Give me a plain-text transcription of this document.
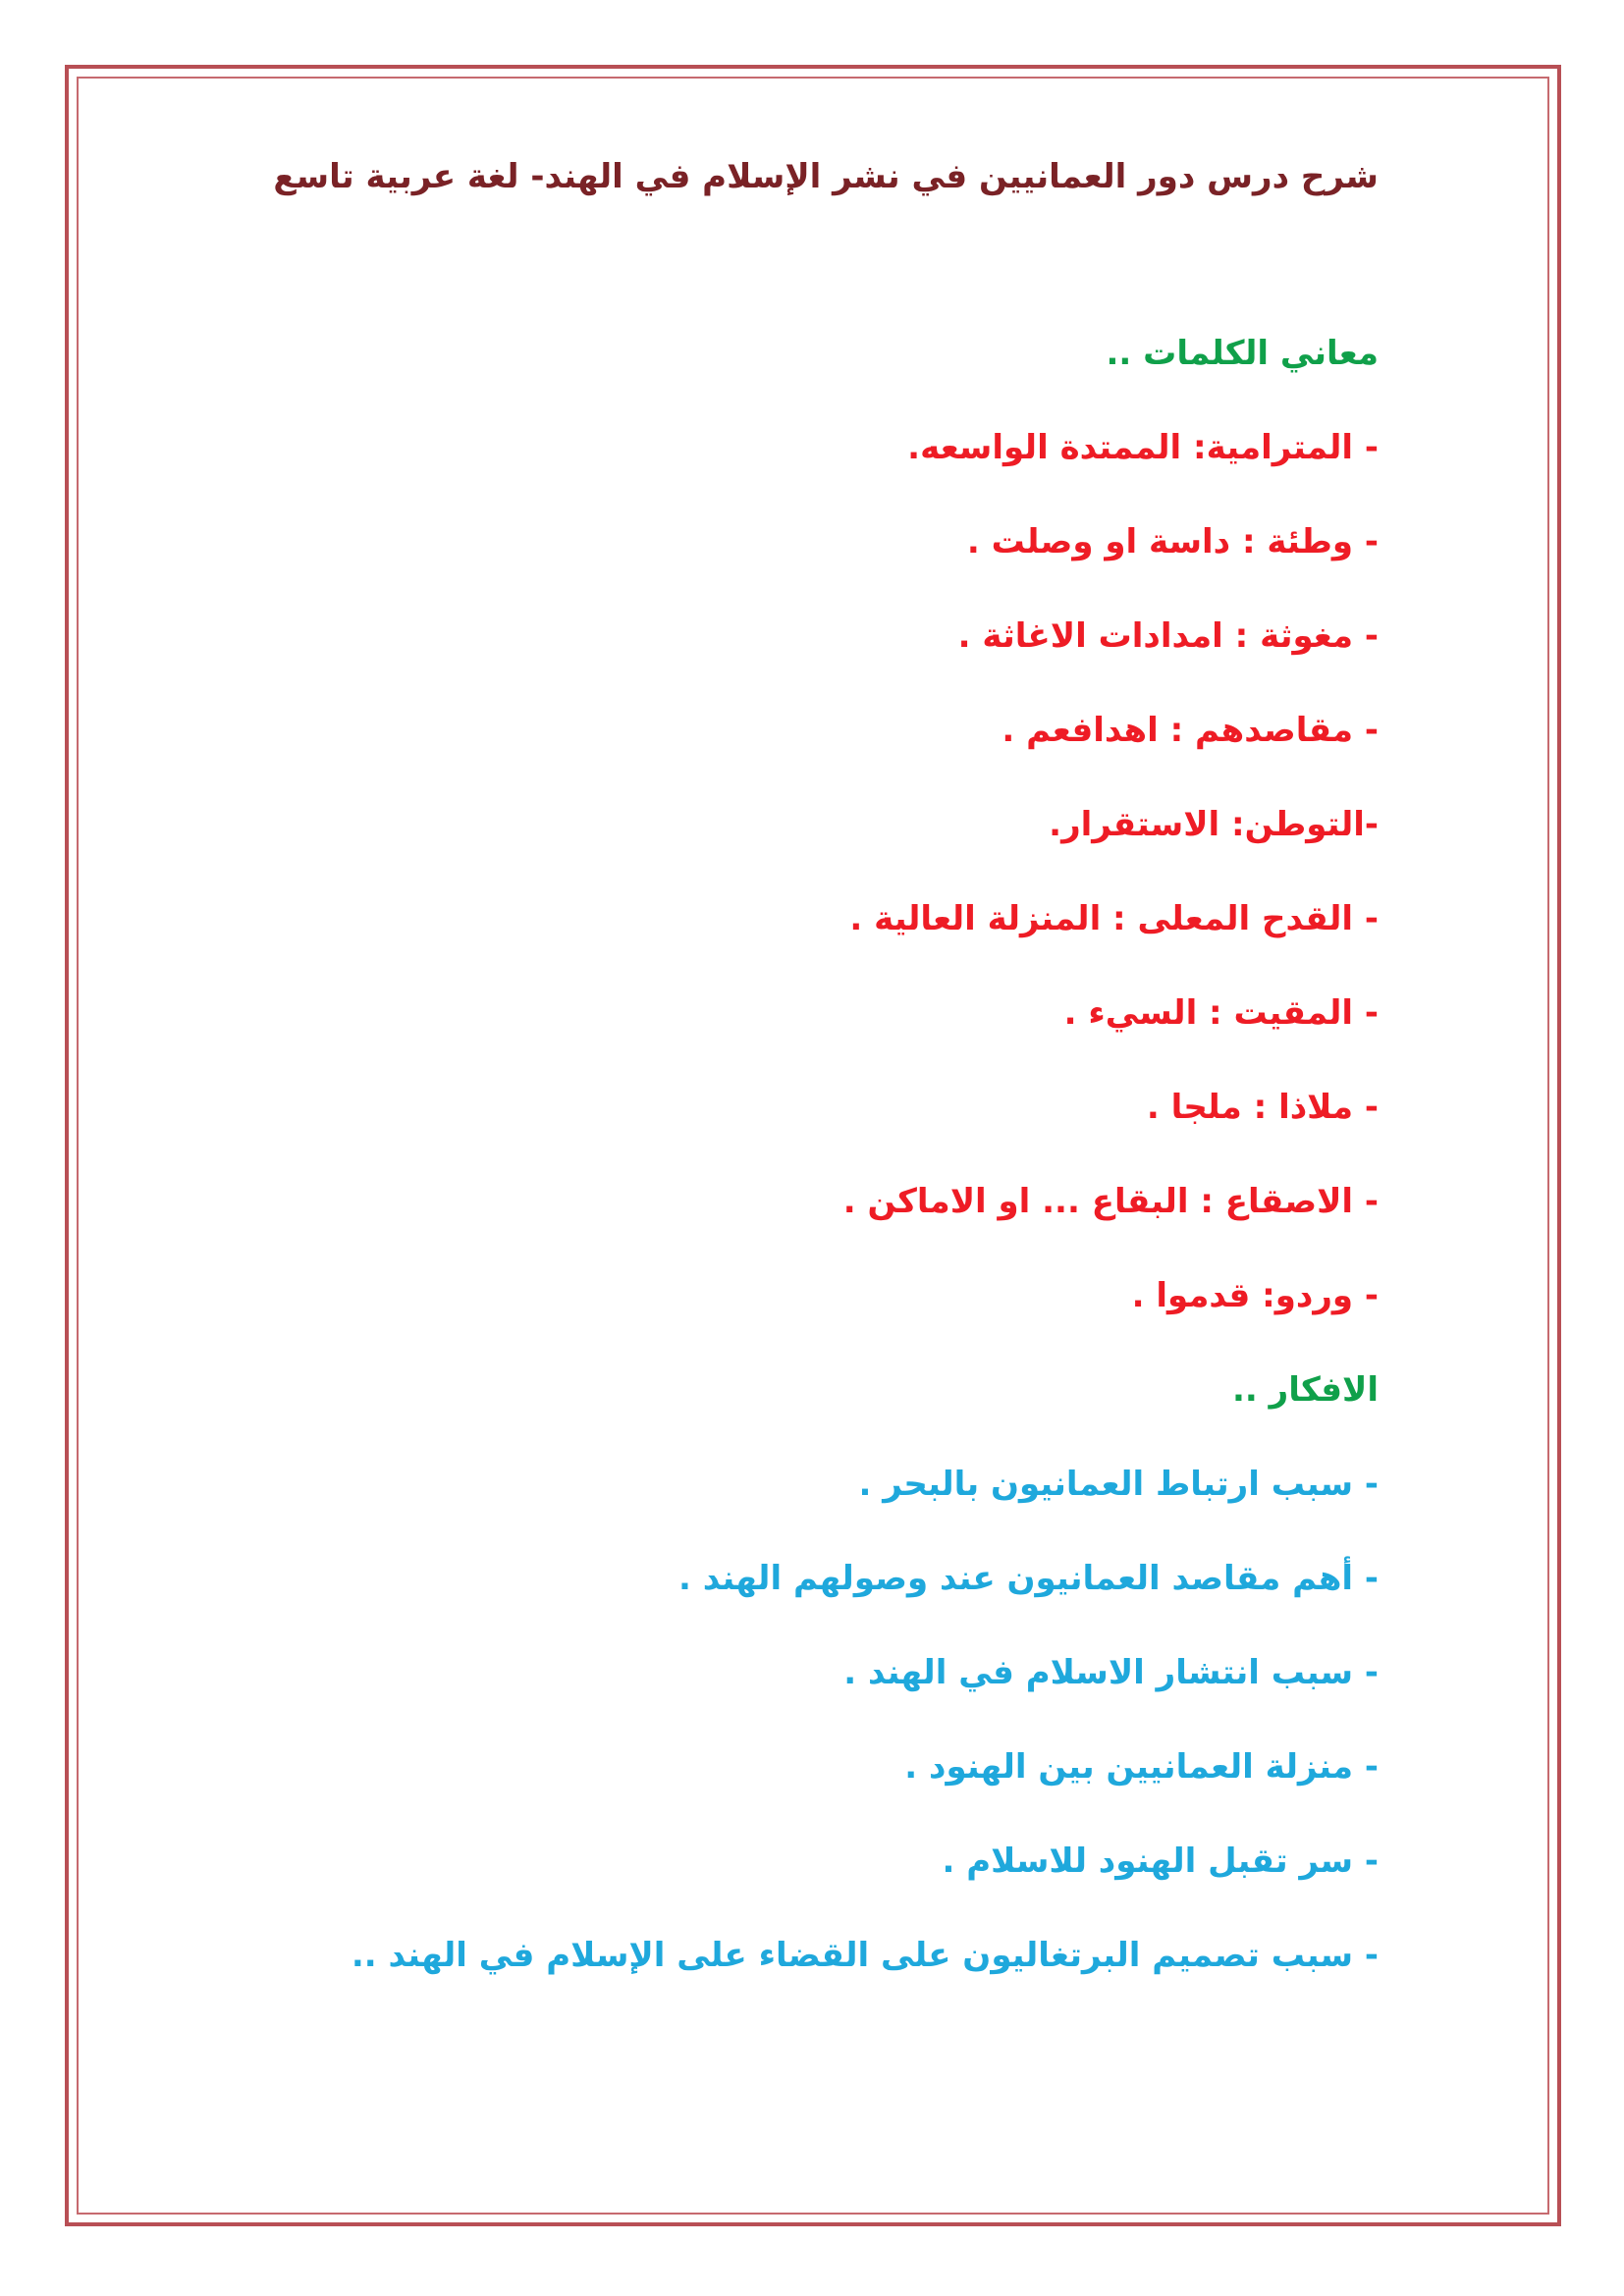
شرح درس دور العمانيين في نشر الإسلام في الهند- لغة عربية تاسع
معاني الكلمات ..
- المترامية: الممتدة الواسعه.
- وطئة : داسة او وصلت .
- مغوثة : امدادات الاغاثة .
- مقاصدهم : اهدافعم .
-التوطن: الاستقرار.
- القدح المعلى : المنزلة العالية .
- المقيت : السيء .
- ملاذا : ملجا .
- الاصقاع : البقاع ... او الاماكن .
- وردو: قدموا .
الافكار ..
- سبب ارتباط العمانيون بالبحر .
- أهم مقاصد العمانيون عند وصولهم الهند .
- سبب انتشار الاسلام في الهند .
- منزلة العمانيين بين الهنود .
- سر تقبل الهنود للاسلام .
- سبب تصميم البرتغاليون على القضاء على الإسلام في الهند ..
